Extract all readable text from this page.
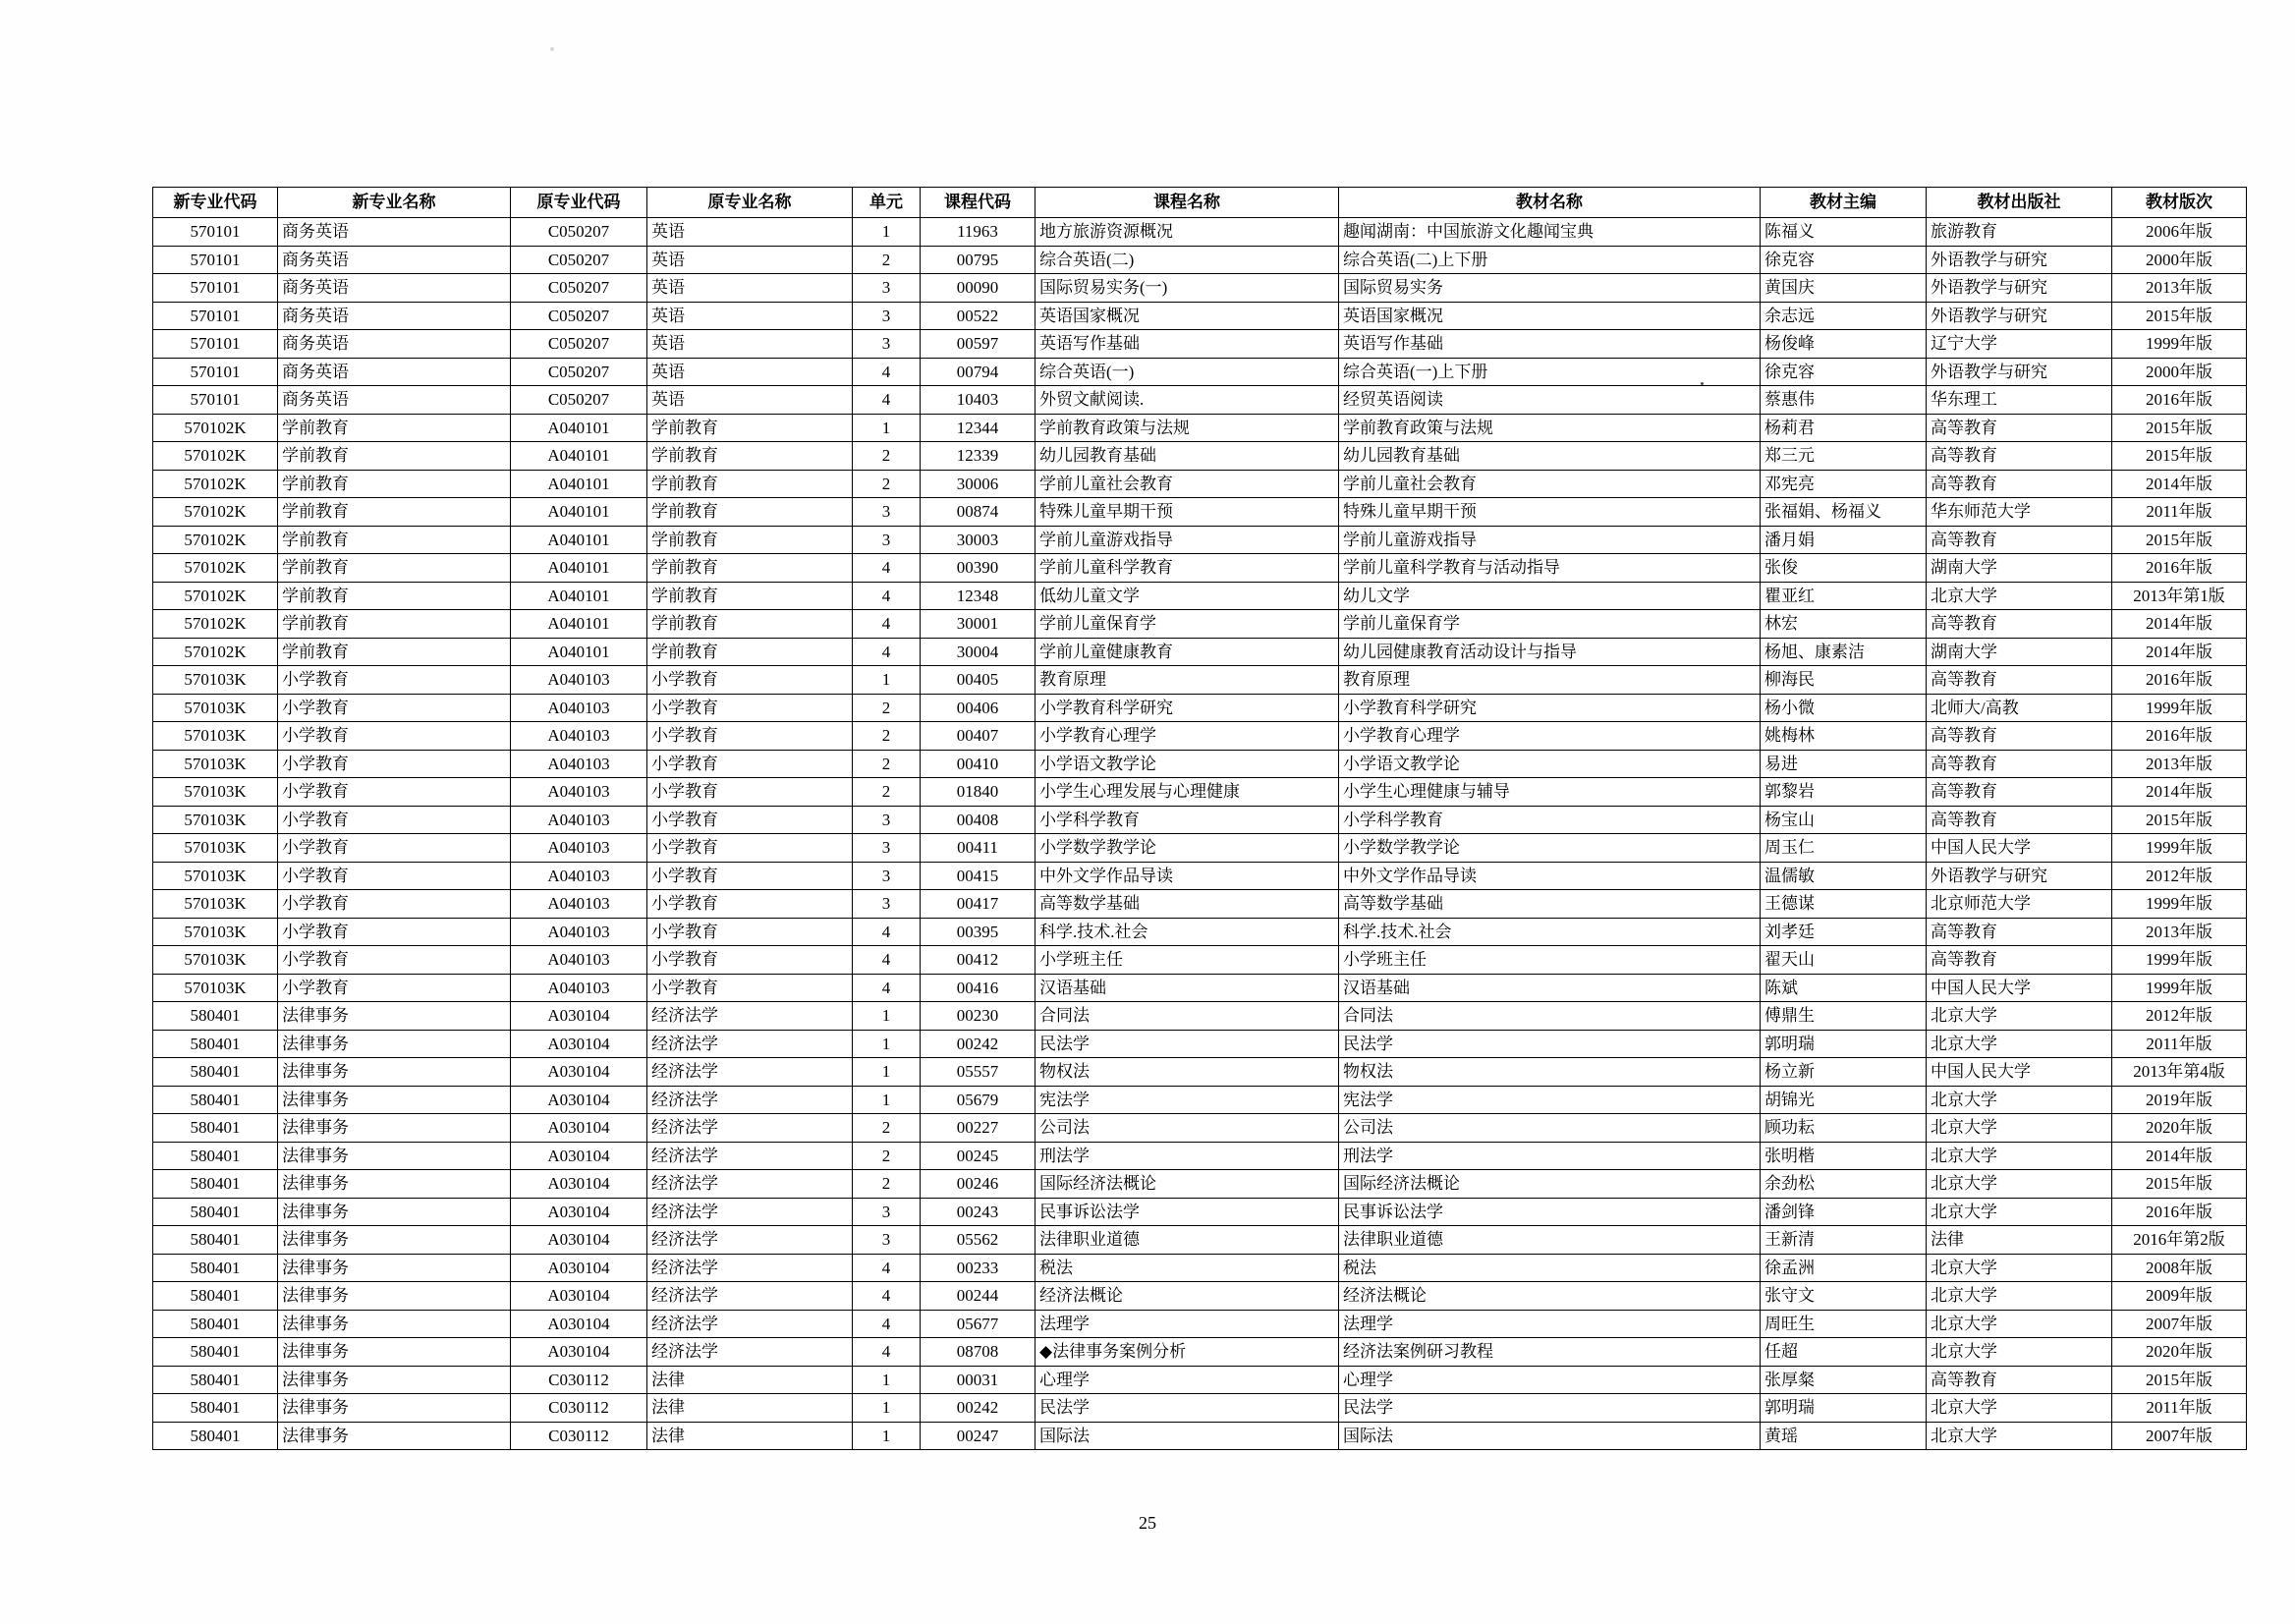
新专业代码	新专业名称	原专业代码	原专业名称	单元	课程代码	课程名称	教材名称	教材主编	教材出版社	教材版次
570101	商务英语	C050207	英语	1	11963	地方旅游资源概况	趣闻湖南：中国旅游文化趣闻宝典	陈福义	旅游教育	2006年版
570101	商务英语	C050207	英语	2	00795	综合英语(二)	综合英语(二)上下册	徐克容	外语教学与研究	2000年版
570101	商务英语	C050207	英语	3	00090	国际贸易实务(一)	国际贸易实务	黄国庆	外语教学与研究	2013年版
570101	商务英语	C050207	英语	3	00522	英语国家概况	英语国家概况	余志远	外语教学与研究	2015年版
570101	商务英语	C050207	英语	3	00597	英语写作基础	英语写作基础	杨俊峰	辽宁大学	1999年版
570101	商务英语	C050207	英语	4	00794	综合英语(一)	综合英语(一)上下册	徐克容	外语教学与研究	2000年版
570101	商务英语	C050207	英语	4	10403	外贸文献阅读.	经贸英语阅读	蔡惠伟	华东理工	2016年版
570102K	学前教育	A040101	学前教育	1	12344	学前教育政策与法规	学前教育政策与法规	杨莉君	高等教育	2015年版
570102K	学前教育	A040101	学前教育	2	12339	幼儿园教育基础	幼儿园教育基础	郑三元	高等教育	2015年版
570102K	学前教育	A040101	学前教育	2	30006	学前儿童社会教育	学前儿童社会教育	邓宪亮	高等教育	2014年版
570102K	学前教育	A040101	学前教育	3	00874	特殊儿童早期干预	特殊儿童早期干预	张福娟、杨福义	华东师范大学	2011年版
570102K	学前教育	A040101	学前教育	3	30003	学前儿童游戏指导	学前儿童游戏指导	潘月娟	高等教育	2015年版
570102K	学前教育	A040101	学前教育	4	00390	学前儿童科学教育	学前儿童科学教育与活动指导	张俊	湖南大学	2016年版
570102K	学前教育	A040101	学前教育	4	12348	低幼儿童文学	幼儿文学	瞿亚红	北京大学	2013年第1版
570102K	学前教育	A040101	学前教育	4	30001	学前儿童保育学	学前儿童保育学	林宏	高等教育	2014年版
570102K	学前教育	A040101	学前教育	4	30004	学前儿童健康教育	幼儿园健康教育活动设计与指导	杨旭、康素洁	湖南大学	2014年版
570103K	小学教育	A040103	小学教育	1	00405	教育原理	教育原理	柳海民	高等教育	2016年版
570103K	小学教育	A040103	小学教育	2	00406	小学教育科学研究	小学教育科学研究	杨小微	北师大/高教	1999年版
570103K	小学教育	A040103	小学教育	2	00407	小学教育心理学	小学教育心理学	姚梅林	高等教育	2016年版
570103K	小学教育	A040103	小学教育	2	00410	小学语文教学论	小学语文教学论	易进	高等教育	2013年版
570103K	小学教育	A040103	小学教育	2	01840	小学生心理发展与心理健康	小学生心理健康与辅导	郭黎岩	高等教育	2014年版
570103K	小学教育	A040103	小学教育	3	00408	小学科学教育	小学科学教育	杨宝山	高等教育	2015年版
570103K	小学教育	A040103	小学教育	3	00411	小学数学教学论	小学数学教学论	周玉仁	中国人民大学	1999年版
570103K	小学教育	A040103	小学教育	3	00415	中外文学作品导读	中外文学作品导读	温儒敏	外语教学与研究	2012年版
570103K	小学教育	A040103	小学教育	3	00417	高等数学基础	高等数学基础	王德谋	北京师范大学	1999年版
570103K	小学教育	A040103	小学教育	4	00395	科学.技术.社会	科学.技术.社会	刘孝廷	高等教育	2013年版
570103K	小学教育	A040103	小学教育	4	00412	小学班主任	小学班主任	翟天山	高等教育	1999年版
570103K	小学教育	A040103	小学教育	4	00416	汉语基础	汉语基础	陈斌	中国人民大学	1999年版
580401	法律事务	A030104	经济法学	1	00230	合同法	合同法	傅鼎生	北京大学	2012年版
580401	法律事务	A030104	经济法学	1	00242	民法学	民法学	郭明瑞	北京大学	2011年版
580401	法律事务	A030104	经济法学	1	05557	物权法	物权法	杨立新	中国人民大学	2013年第4版
580401	法律事务	A030104	经济法学	1	05679	宪法学	宪法学	胡锦光	北京大学	2019年版
580401	法律事务	A030104	经济法学	2	00227	公司法	公司法	顾功耘	北京大学	2020年版
580401	法律事务	A030104	经济法学	2	00245	刑法学	刑法学	张明楷	北京大学	2014年版
580401	法律事务	A030104	经济法学	2	00246	国际经济法概论	国际经济法概论	余劲松	北京大学	2015年版
580401	法律事务	A030104	经济法学	3	00243	民事诉讼法学	民事诉讼法学	潘剑锋	北京大学	2016年版
580401	法律事务	A030104	经济法学	3	05562	法律职业道德	法律职业道德	王新清	法律	2016年第2版
580401	法律事务	A030104	经济法学	4	00233	税法	税法	徐孟洲	北京大学	2008年版
580401	法律事务	A030104	经济法学	4	00244	经济法概论	经济法概论	张守文	北京大学	2009年版
580401	法律事务	A030104	经济法学	4	05677	法理学	法理学	周旺生	北京大学	2007年版
580401	法律事务	A030104	经济法学	4	08708	◆法律事务案例分析	经济法案例研习教程	任超	北京大学	2020年版
580401	法律事务	C030112	法律	1	00031	心理学	心理学	张厚粲	高等教育	2015年版
580401	法律事务	C030112	法律	1	00242	民法学	民法学	郭明瑞	北京大学	2011年版
580401	法律事务	C030112	法律	1	00247	国际法	国际法	黄瑶	北京大学	2007年版
25
